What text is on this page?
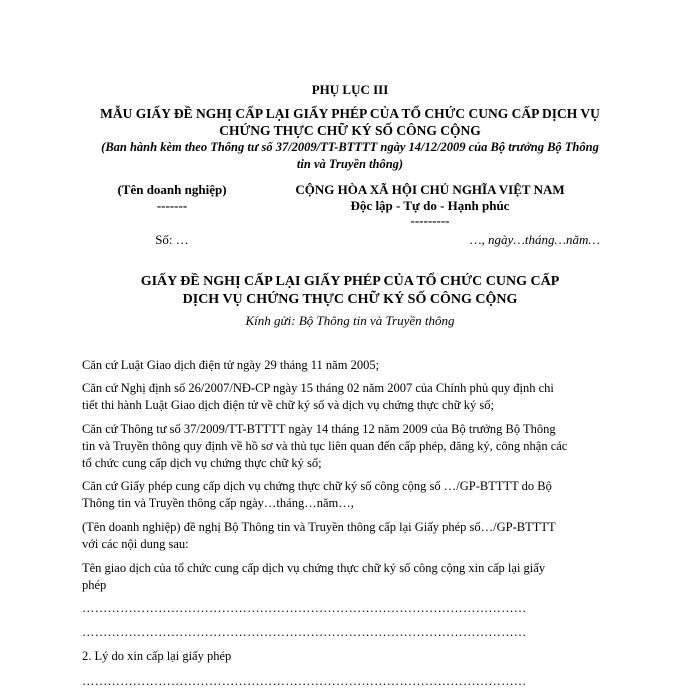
PHỤ LỤC III
MẪU GIẤY ĐỀ NGHỊ CẤP LẠI GIẤY PHÉP CỦA TỔ CHỨC CUNG CẤP DỊCH VỤ
CHỨNG THỰC CHỮ KÝ SỐ CÔNG CỘNG
(Ban hành kèm theo Thông tư số 37/2009/TT-BTTTT ngày 14/12/2009 của Bộ trưởng Bộ Thông
tin và Truyền thông)
(Tên doanh nghiệp)
-------
CỘNG HÒA XÃ HỘI CHỦ NGHĨA VIỆT NAM
Độc lập - Tự do - Hạnh phúc
---------
Số: …	…, ngày…tháng…năm…
GIẤY ĐỀ NGHỊ CẤP LẠI GIẤY PHÉP CỦA TỔ CHỨC CUNG CẤP
DỊCH VỤ CHỨNG THỰC CHỮ KÝ SỐ CÔNG CỘNG
Kính gửi: Bộ Thông tin và Truyền thông
Căn cứ Luật Giao dịch điện tử ngày 29 tháng 11 năm 2005;
Căn cứ Nghị định số 26/2007/NĐ-CP ngày 15 tháng 02 năm 2007 của Chính phủ quy định chi
tiết thi hành Luật Giao dịch điện tử về chữ ký số và dịch vụ chứng thực chữ ký số;
Căn cứ Thông tư số 37/2009/TT-BTTTT ngày 14 tháng 12 năm 2009 của Bộ trưởng Bộ Thông
tin và Truyền thông quy định về hồ sơ và thủ tục liên quan đến cấp phép, đăng ký, công nhận các
tổ chức cung cấp dịch vụ chứng thực chữ ký số;
Căn cứ Giấy phép cung cấp dịch vụ chứng thực chữ ký số công cộng số …/GP-BTTTT do Bộ
Thông tin và Truyền thông cấp ngày…tháng…năm…,
(Tên doanh nghiệp) đề nghị Bộ Thông tin và Truyền thông cấp lại Giấy phép số…/GP-BTTTT
với các nội dung sau:
Tên giao dịch của tổ chức cung cấp dịch vụ chứng thực chữ ký số công cộng xin cấp lại giấy
phép
……………………………………………………………………………………………
……………………………………………………………………………………………
2. Lý do xin cấp lại giấy phép
……………………………………………………………………………………………
